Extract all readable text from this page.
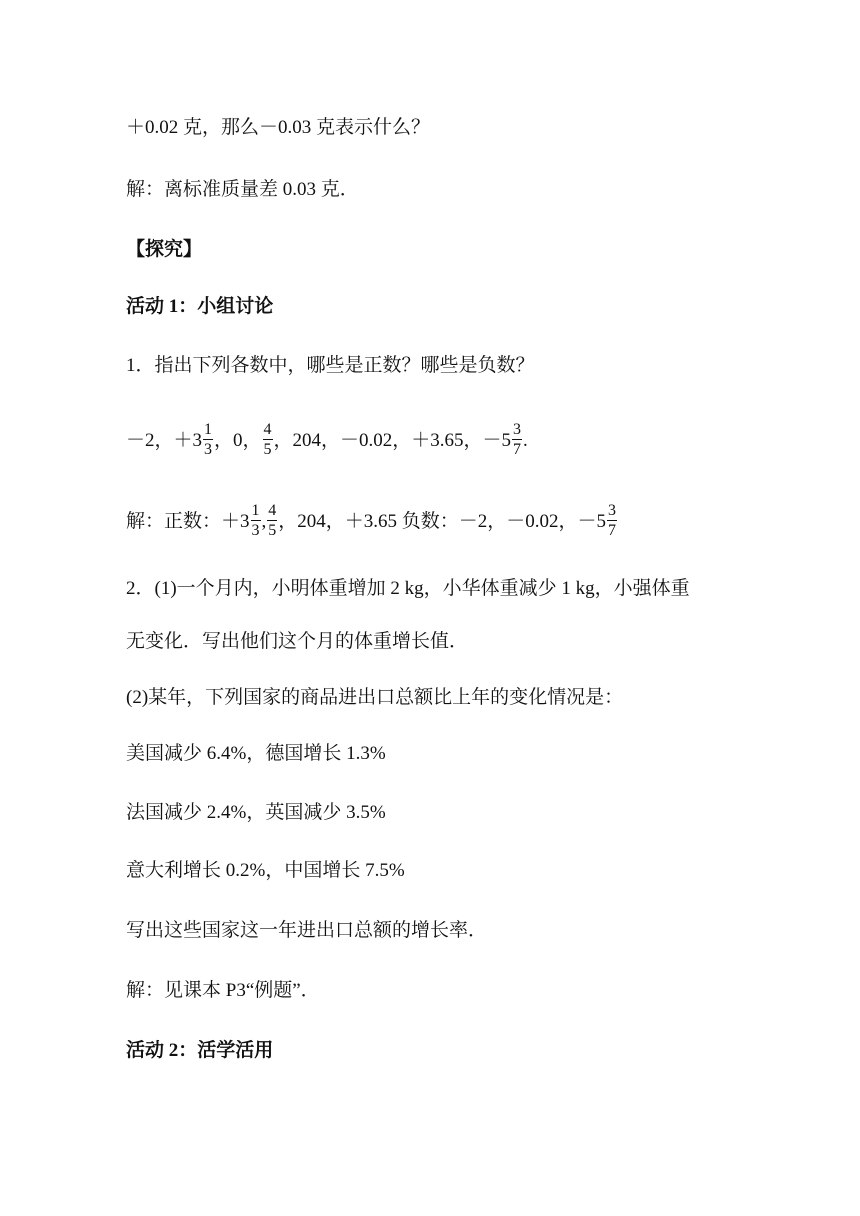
＋0.02 克，那么－0.03 克表示什么？
解：离标准质量差 0.03 克．
【探究】
活动 1：小组讨论
1．指出下列各数中，哪些是正数？哪些是负数？
－2，$+3 \frac{1}{3}$ ，0， $\frac{4}{5}$ ，204，－0.02，＋3.65，$-5 \frac{3}{7}$ .
解：正数：$+3 \frac{1}{3}$ , $\frac{4}{5}$ ，204，＋3.65 负数：－2，－0.02，$-5 \frac{3}{7}$
2．(1)一个月内，小明体重增加 2 kg，小华体重减少 1 kg，小强体重
无变化．写出他们这个月的体重增长值．
(2)某年，下列国家的商品进出口总额比上年的变化情况是：
美国减少 6.4%，德国增长 1.3%
法国减少 2.4%，英国减少 3.5%
意大利增长 0.2%，中国增长 7.5%
写出这些国家这一年进出口总额的增长率．
解：见课本 P3“例题”．
活动 2：活学活用
